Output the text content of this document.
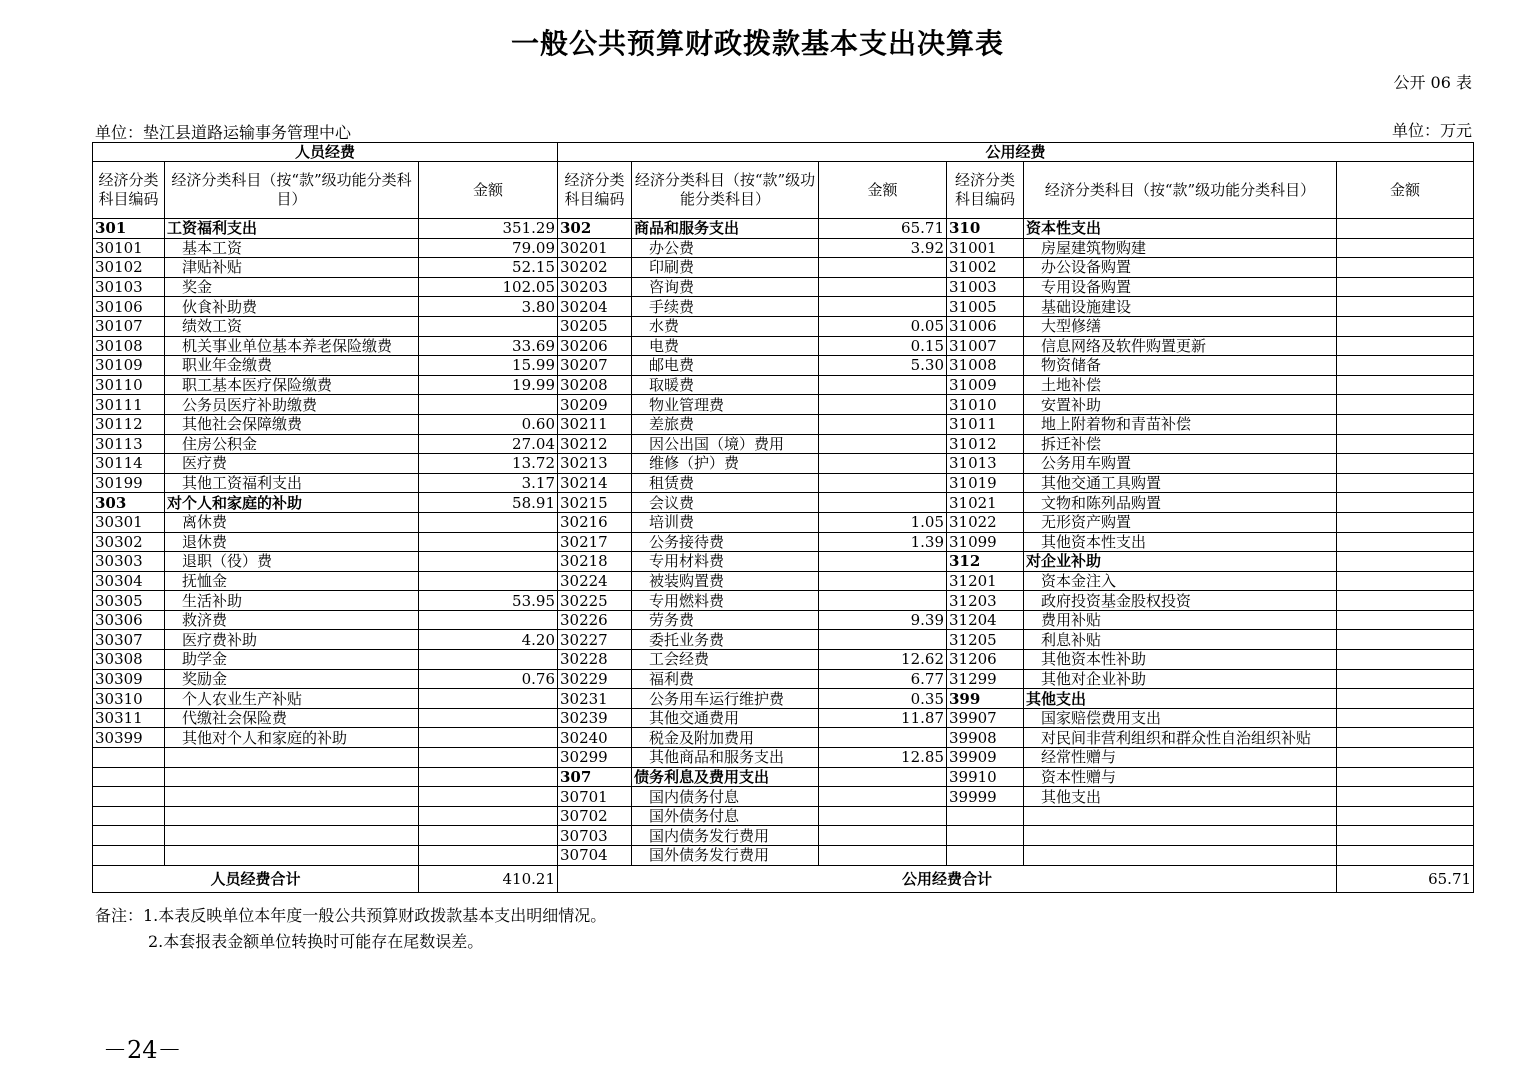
一般公共预算财政拨款基本支出决算表
公开 06 表
单位：垫江县道路运输事务管理中心	单位：万元
人员经费			公用经费					
经济分类科目编码	经济分类科目（按“款”级功能分类科目）	金额	经济分类科目编码	经济分类科目（按“款”级功能分类科目）	金额	经济分类科目编码	经济分类科目（按“款”级功能分类科目）	金额
301	工资福利支出	351.29	302	商品和服务支出	65.71	310	资本性支出	
30101	基本工资	79.09	30201	办公费	3.92	31001	房屋建筑物购建	
30102	津贴补贴	52.15	30202	印刷费		31002	办公设备购置	
30103	奖金	102.05	30203	咨询费		31003	专用设备购置	
30106	伙食补助费	3.80	30204	手续费		31005	基础设施建设	
30107	绩效工资		30205	水费	0.05	31006	大型修缮	
30108	机关事业单位基本养老保险缴费	33.69	30206	电费	0.15	31007	信息网络及软件购置更新	
30109	职业年金缴费	15.99	30207	邮电费	5.30	31008	物资储备	
30110	职工基本医疗保险缴费	19.99	30208	取暖费		31009	土地补偿	
30111	公务员医疗补助缴费		30209	物业管理费		31010	安置补助	
30112	其他社会保障缴费	0.60	30211	差旅费		31011	地上附着物和青苗补偿	
30113	住房公积金	27.04	30212	因公出国（境）费用		31012	拆迁补偿	
30114	医疗费	13.72	30213	维修（护）费		31013	公务用车购置	
30199	其他工资福利支出	3.17	30214	租赁费		31019	其他交通工具购置	
303	对个人和家庭的补助	58.91	30215	会议费		31021	文物和陈列品购置	
30301	离休费		30216	培训费	1.05	31022	无形资产购置	
30302	退休费		30217	公务接待费	1.39	31099	其他资本性支出	
30303	退职（役）费		30218	专用材料费		312	对企业补助	
30304	抚恤金		30224	被装购置费		31201	资本金注入	
30305	生活补助	53.95	30225	专用燃料费		31203	政府投资基金股权投资	
30306	救济费		30226	劳务费	9.39	31204	费用补贴	
30307	医疗费补助	4.20	30227	委托业务费		31205	利息补贴	
30308	助学金		30228	工会经费	12.62	31206	其他资本性补助	
30309	奖励金	0.76	30229	福利费	6.77	31299	其他对企业补助	
30310	个人农业生产补贴		30231	公务用车运行维护费	0.35	399	其他支出	
30311	代缴社会保险费		30239	其他交通费用	11.87	39907	国家赔偿费用支出	
30399	其他对个人和家庭的补助		30240	税金及附加费用		39908	对民间非营利组织和群众性自治组织补贴	
			30299	其他商品和服务支出	12.85	39909	经常性赠与	
			307	债务利息及费用支出		39910	资本性赠与	
			30701	国内债务付息		39999	其他支出	
			30702	国外债务付息				
			30703	国内债务发行费用				
			30704	国外债务发行费用				
人员经费合计		410.21	公用经费合计					65.71
备注：1.本表反映单位本年度一般公共预算财政拨款基本支出明细情况。
2.本套报表金额单位转换时可能存在尾数误差。
－24－
